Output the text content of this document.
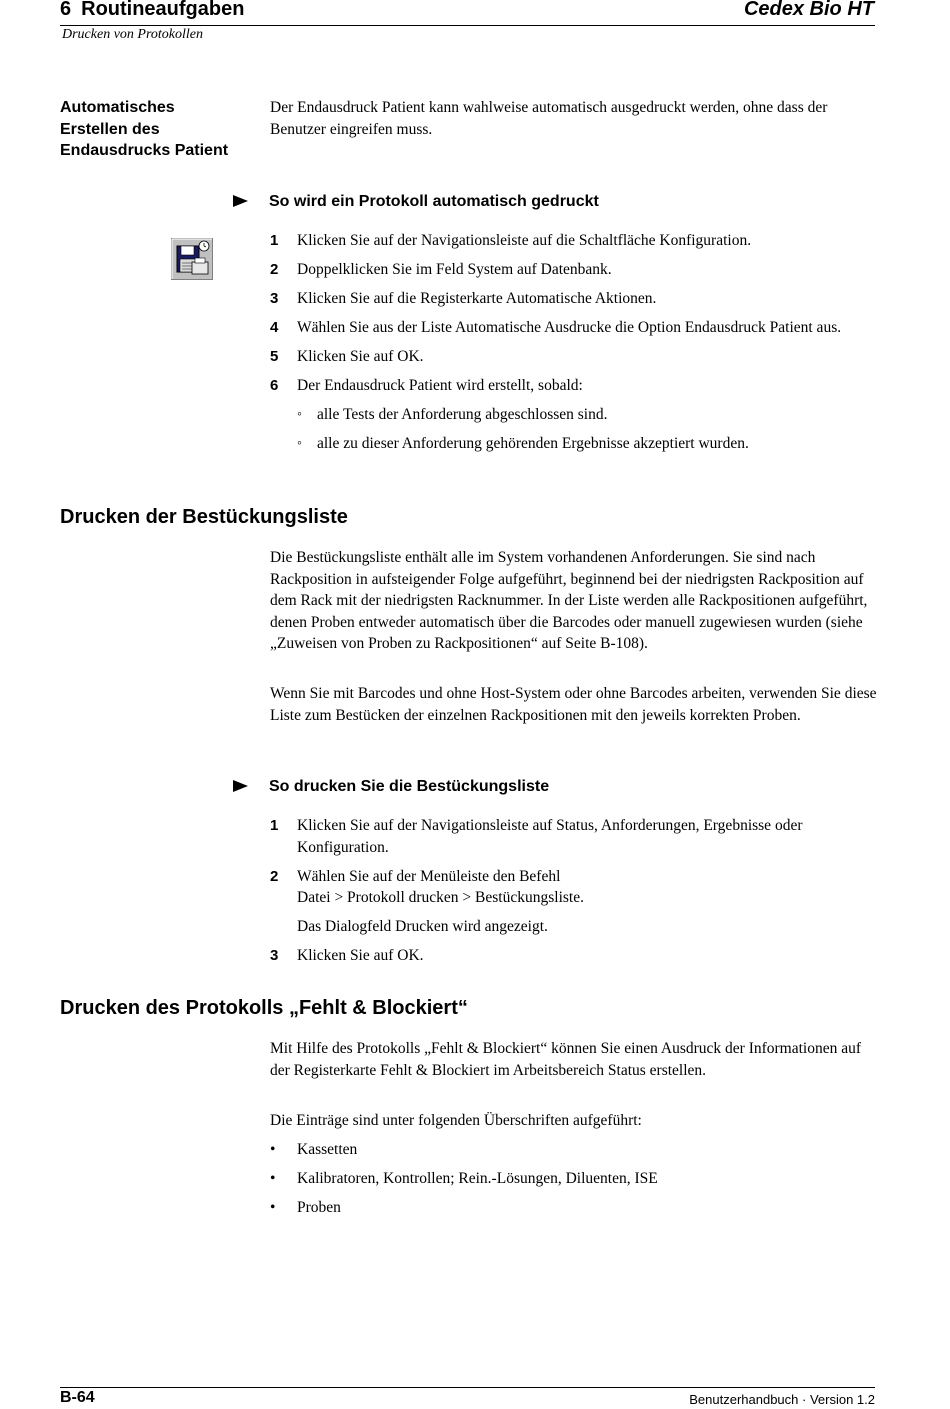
6 Routineaufgaben	Cedex Bio HT
Drucken von Protokollen
Automatisches
Erstellen des
Endausdrucks Patient
Der Endausdruck Patient kann wahlweise automatisch ausgedruckt werden, ohne dass der Benutzer eingreifen muss.
So wird ein Protokoll automatisch gedruckt
1 Klicken Sie auf der Navigationsleiste auf die Schaltfläche Konfiguration.
2 Doppelklicken Sie im Feld System auf Datenbank.
3 Klicken Sie auf die Registerkarte Automatische Aktionen.
4 Wählen Sie aus der Liste Automatische Ausdrucke die Option Endausdruck Patient aus.
5 Klicken Sie auf OK.
6 Der Endausdruck Patient wird erstellt, sobald:
◦ alle Tests der Anforderung abgeschlossen sind.
◦ alle zu dieser Anforderung gehörenden Ergebnisse akzeptiert wurden.
Drucken der Bestückungsliste
Die Bestückungsliste enthält alle im System vorhandenen Anforderungen. Sie sind nach Rackposition in aufsteigender Folge aufgeführt, beginnend bei der niedrigsten Rackposition auf dem Rack mit der niedrigsten Racknummer. In der Liste werden alle Rackpositionen aufgeführt, denen Proben entweder automatisch über die Barcodes oder manuell zugewiesen wurden (siehe „Zuweisen von Proben zu Rackpositionen“ auf Seite B-108).
Wenn Sie mit Barcodes und ohne Host-System oder ohne Barcodes arbeiten, verwenden Sie diese Liste zum Bestücken der einzelnen Rackpositionen mit den jeweils korrekten Proben.
So drucken Sie die Bestückungsliste
1 Klicken Sie auf der Navigationsleiste auf Status, Anforderungen, Ergebnisse oder Konfiguration.
2 Wählen Sie auf der Menüleiste den Befehl
Datei > Protokoll drucken > Bestückungsliste.
Das Dialogfeld Drucken wird angezeigt.
3 Klicken Sie auf OK.
Drucken des Protokolls „Fehlt & Blockiert“
Mit Hilfe des Protokolls „Fehlt & Blockiert“ können Sie einen Ausdruck der Informationen auf der Registerkarte Fehlt & Blockiert im Arbeitsbereich Status erstellen.
Die Einträge sind unter folgenden Überschriften aufgeführt:
• Kassetten
• Kalibratoren, Kontrollen; Rein.-Lösungen, Diluenten, ISE
• Proben
B-64	Benutzerhandbuch · Version 1.2
